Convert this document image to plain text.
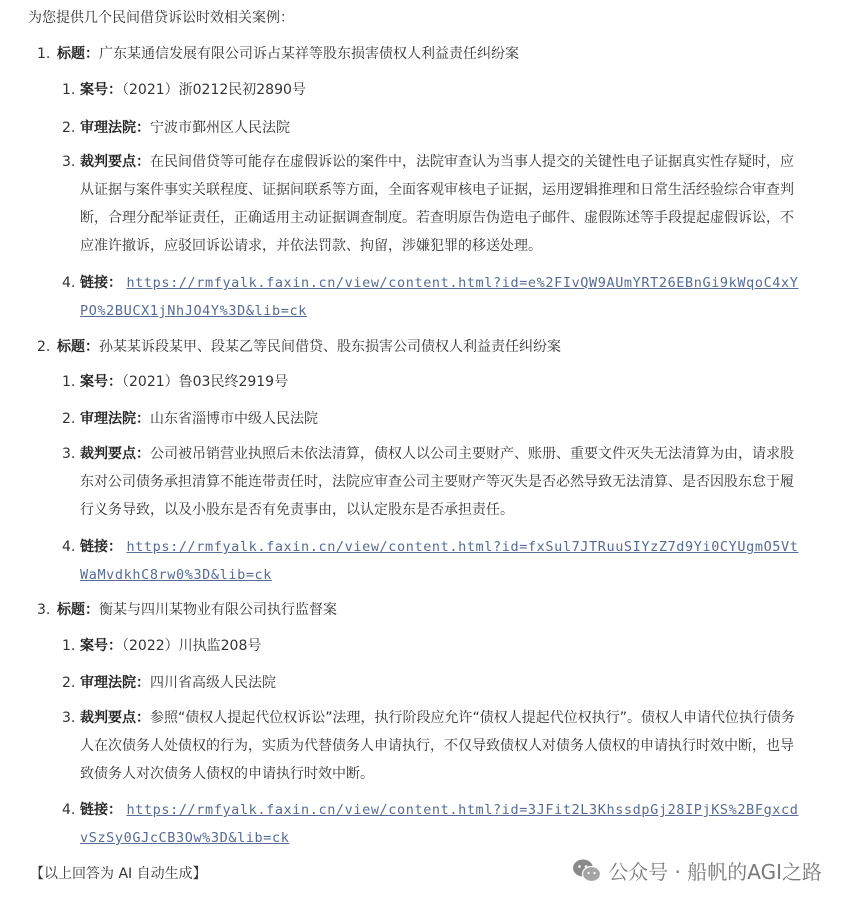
为您提供几个民间借贷诉讼时效相关案例：
1. 标题：广东某通信发展有限公司诉占某祥等股东损害债权人利益责任纠纷案
1. 案号：（2021）浙0212民初2890号
2. 审理法院：宁波市鄞州区人民法院
3. 裁判要点：在民间借贷等可能存在虚假诉讼的案件中，法院审查认为当事人提交的关键性电子证据真实性存疑时，应从证据与案件事实关联程度、证据间联系等方面，全面客观审核电子证据，运用逻辑推理和日常生活经验综合审查判断，合理分配举证责任，正确适用主动证据调查制度。若查明原告伪造电子邮件、虚假陈述等手段提起虚假诉讼，不应准许撤诉，应驳回诉讼请求，并依法罚款、拘留，涉嫌犯罪的移送处理。
4. 链接： https://rmfyalk.faxin.cn/view/content.html?id=e%2FIvQW9AUmYRT26EBnGi9kWqoC4xYPO%2BUCX1jNhJO4Y%3D&lib=ck
2. 标题：孙某某诉段某甲、段某乙等民间借贷、股东损害公司债权人利益责任纠纷案
1. 案号：（2021）鲁03民终2919号
2. 审理法院：山东省淄博市中级人民法院
3. 裁判要点：公司被吊销营业执照后未依法清算，债权人以公司主要财产、账册、重要文件灭失无法清算为由，请求股东对公司债务承担清算不能连带责任时，法院应审查公司主要财产等灭失是否必然导致无法清算、是否因股东怠于履行义务导致，以及小股东是否有免责事由，以认定股东是否承担责任。
4. 链接： https://rmfyalk.faxin.cn/view/content.html?id=fxSul7JTRuuSIYzZ7d9Yi0CYUgmO5VtWaMvdkhC8rw0%3D&lib=ck
3. 标题：衡某与四川某物业有限公司执行监督案
1. 案号：（2022）川执监208号
2. 审理法院：四川省高级人民法院
3. 裁判要点：参照“债权人提起代位权诉讼”法理，执行阶段应允许“债权人提起代位权执行”。债权人申请代位执行债务人在次债务人处债权的行为，实质为代替债务人申请执行，不仅导致债权人对债务人债权的申请执行时效中断，也导致债务人对次债务人债权的申请执行时效中断。
4. 链接： https://rmfyalk.faxin.cn/view/content.html?id=3JFit2L3KhssdpGj28IPjKS%2BFgxcdvSzSy0GJcCB3Ow%3D&lib=ck
【以上回答为 AI 自动生成】	公众号 · 船帆的AGI之路
